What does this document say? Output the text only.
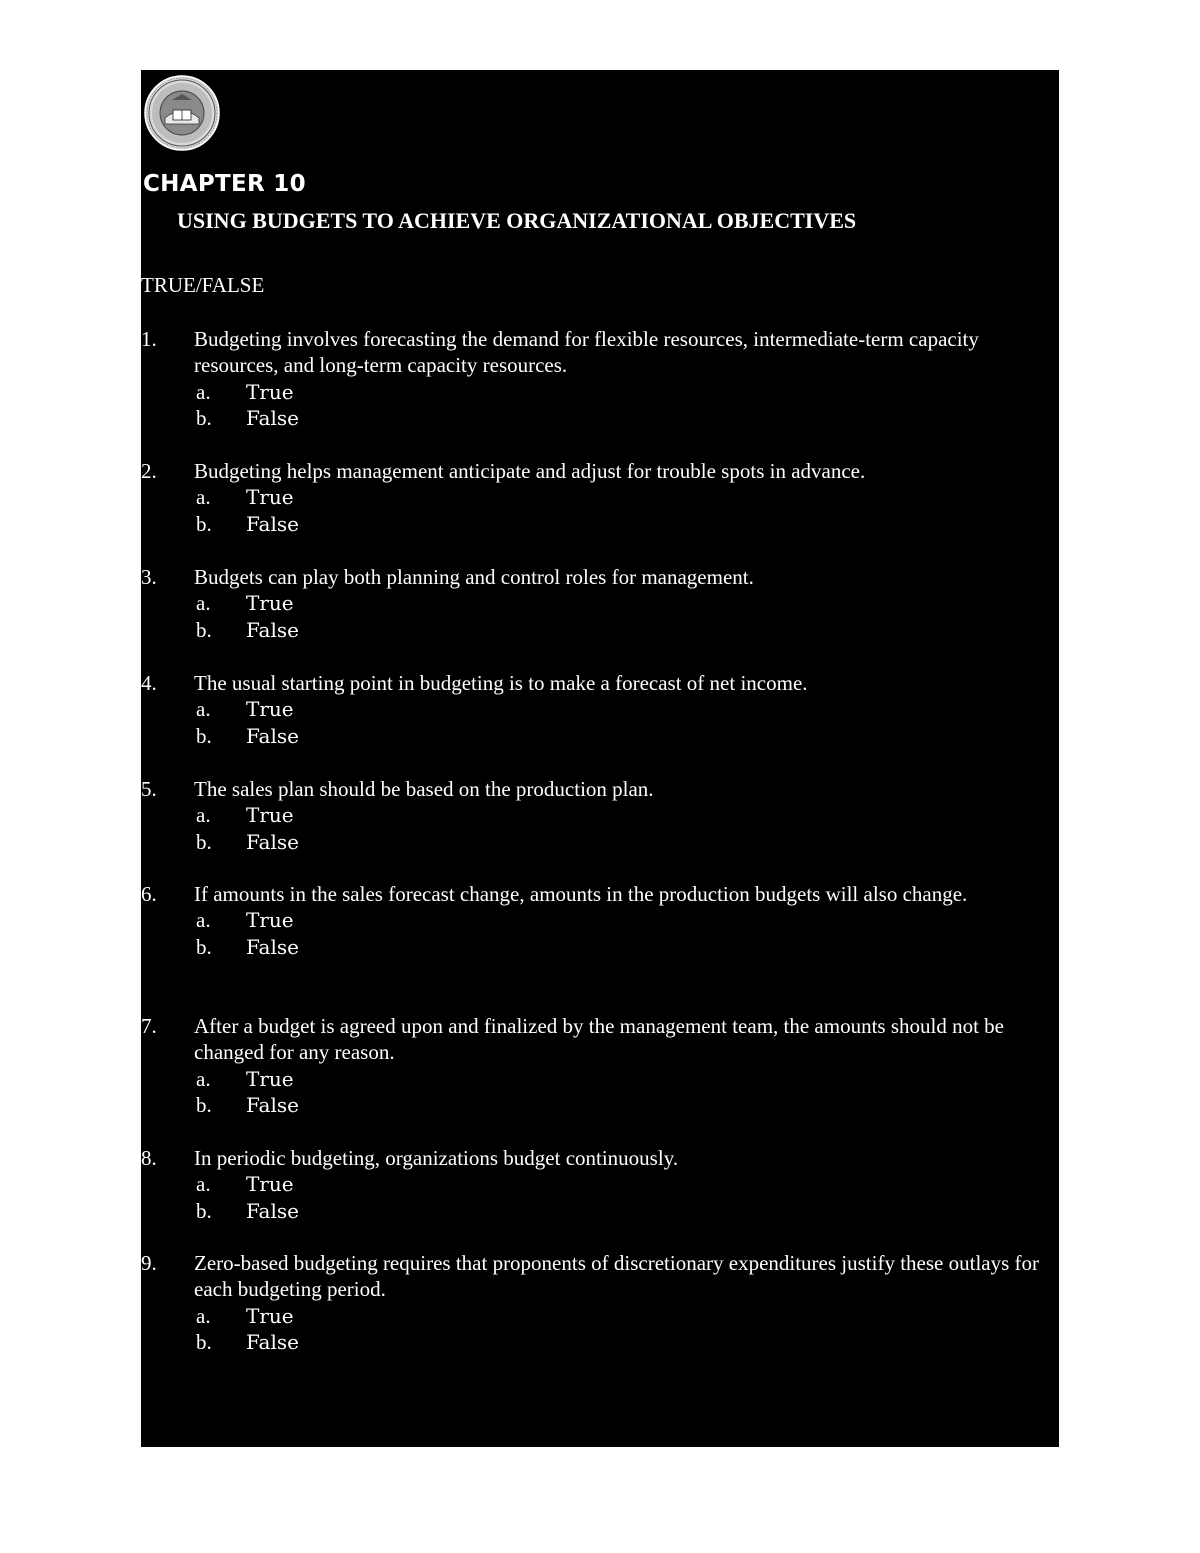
CHAPTER 10
USING BUDGETS TO ACHIEVE ORGANIZATIONAL OBJECTIVES
TRUE/FALSE
1. Budgeting involves forecasting the demand for flexible resources, intermediate-term capacity resources, and long-term capacity resources.
a. True
b. False
2. Budgeting helps management anticipate and adjust for trouble spots in advance.
a. True
b. False
3. Budgets can play both planning and control roles for management.
a. True
b. False
4. The usual starting point in budgeting is to make a forecast of net income.
a. True
b. False
5. The sales plan should be based on the production plan.
a. True
b. False
6. If amounts in the sales forecast change, amounts in the production budgets will also change.
a. True
b. False
7. After a budget is agreed upon and finalized by the management team, the amounts should not be changed for any reason.
a. True
b. False
8. In periodic budgeting, organizations budget continuously.
a. True
b. False
9. Zero-based budgeting requires that proponents of discretionary expenditures justify these outlays for each budgeting period.
a. True
b. False
